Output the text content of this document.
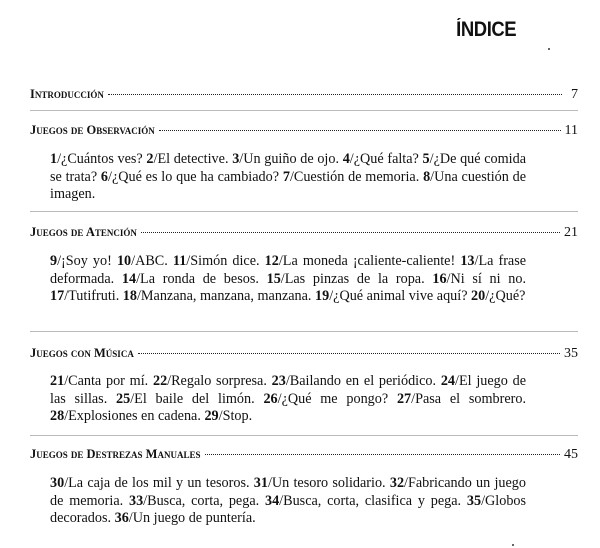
ÍNDICE
Introducción	7
Juegos de Observación	11
1/¿Cuántos ves? 2/El detective. 3/Un guiño de ojo. 4/¿Qué falta? 5/¿De qué comida se trata? 6/¿Qué es lo que ha cambiado? 7/Cuestión de memoria. 8/Una cuestión de imagen.
Juegos de Atención	21
9/¡Soy yo! 10/ABC. 11/Simón dice. 12/La moneda ¡caliente-caliente! 13/La frase deformada. 14/La ronda de besos. 15/Las pinzas de la ropa. 16/Ni sí ni no. 17/Tutifruti. 18/Manzana, manzana, manzana. 19/¿Qué animal vive aquí? 20/¿Qué?
Juegos con Música	35
21/Canta por mí. 22/Regalo sorpresa. 23/Bailando en el periódico. 24/El juego de las sillas. 25/El baile del limón. 26/¿Qué me pongo? 27/Pasa el sombrero. 28/Explosiones en cadena. 29/Stop.
Juegos de Destrezas Manuales	45
30/La caja de los mil y un tesoros. 31/Un tesoro solidario. 32/Fabricando un juego de memoria. 33/Busca, corta, pega. 34/Busca, corta, clasifica y pega. 35/Globos decorados. 36/Un juego de puntería.
